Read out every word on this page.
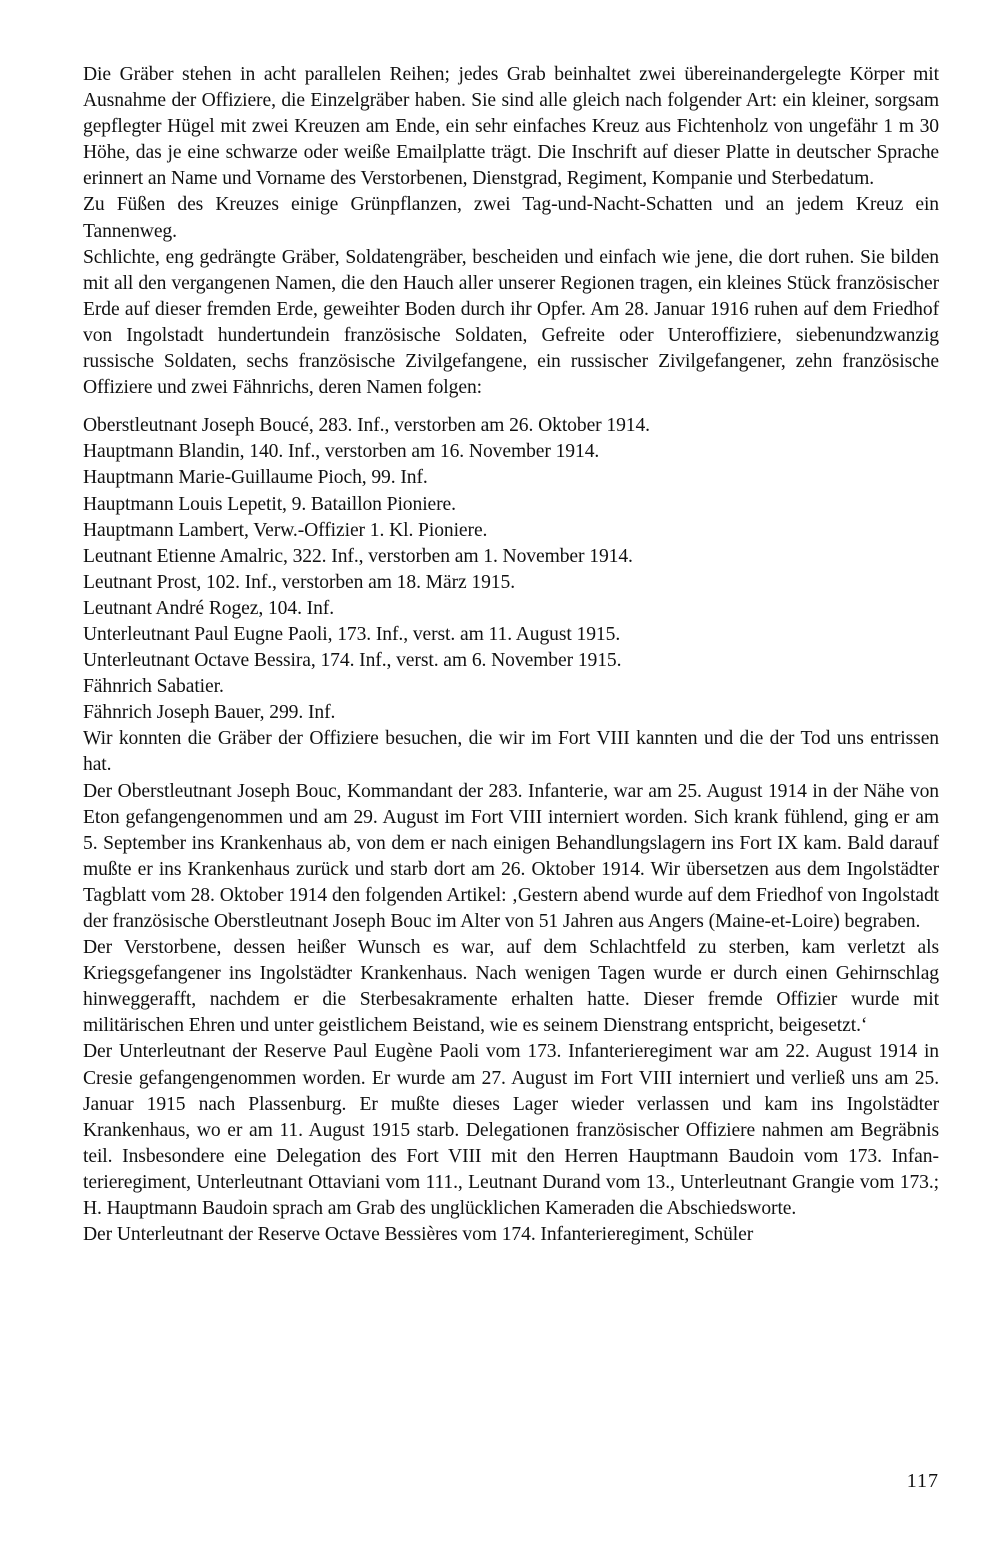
Die Gräber stehen in acht parallelen Reihen; jedes Grab beinhaltet zwei übereinandergelegte Körper mit Ausnahme der Offiziere, die Einzelgräber haben. Sie sind alle gleich nach folgender Art: ein kleiner, sorgsam gepflegter Hügel mit zwei Kreuzen am Ende, ein sehr einfaches Kreuz aus Fichtenholz von ungefähr 1 m 30 Höhe, das je eine schwarze oder weiße Emailplatte trägt. Die Inschrift auf dieser Platte in deutscher Sprache erinnert an Name und Vorname des Verstorbenen, Dienstgrad, Regiment, Kompanie und Sterbedatum.

Zu Füßen des Kreuzes einige Grünpflanzen, zwei Tag-und-Nacht-Schatten und an jedem Kreuz ein Tannenweg.

Schlichte, eng gedrängte Gräber, Soldatengräber, bescheiden und einfach wie jene, die dort ruhen. Sie bilden mit all den vergangenen Namen, die den Hauch aller unserer Regionen tragen, ein kleines Stück französischer Erde auf dieser fremden Erde, geweihter Boden durch ihr Opfer. Am 28. Januar 1916 ruhen auf dem Friedhof von Ingolstadt hundertundein französische Soldaten, Gefreite oder Unteroffiziere, siebenundzwanzig russische Soldaten, sechs französische Zivilgefangene, ein russischer Zivilgefangener, zehn französische Offiziere und zwei Fähnrichs, deren Namen folgen:

Oberstleutnant Joseph Boucé, 283. Inf., verstorben am 26. Oktober 1914.
Hauptmann Blandin, 140. Inf., verstorben am 16. November 1914.
Hauptmann Marie-Guillaume Pioch, 99. Inf.
Hauptmann Louis Lepetit, 9. Bataillon Pioniere.
Hauptmann Lambert, Verw.-Offizier 1. Kl. Pioniere.
Leutnant Etienne Amalric, 322. Inf., verstorben am 1. November 1914.
Leutnant Prost, 102. Inf., verstorben am 18. März 1915.
Leutnant André Rogez, 104. Inf.
Unterleutnant Paul Eugne Paoli, 173. Inf., verst. am 11. August 1915.
Unterleutnant Octave Bessira, 174. Inf., verst. am 6. November 1915.
Fähnrich Sabatier.
Fähnrich Joseph Bauer, 299. Inf.

Wir konnten die Gräber der Offiziere besuchen, die wir im Fort VIII kannten und die der Tod uns entrissen hat.

Der Oberstleutnant Joseph Bouc, Kommandant der 283. Infanterie, war am 25. August 1914 in der Nähe von Eton gefangengenommen und am 29. August im Fort VIII interniert worden. Sich krank fühlend, ging er am 5. September ins Krankenhaus ab, von dem er nach einigen Behandlungslagern ins Fort IX kam. Bald darauf mußte er ins Krankenhaus zurück und starb dort am 26. Oktober 1914. Wir übersetzen aus dem Ingolstädter Tagblatt vom 28. Oktober 1914 den folgenden Artikel: ‚Gestern abend wurde auf dem Friedhof von Ingolstadt der französische Oberstleutnant Joseph Bouc im Alter von 51 Jahren aus Angers (Maine-et-Loire) begraben.

Der Verstorbene, dessen heißer Wunsch es war, auf dem Schlachtfeld zu sterben, kam verletzt als Kriegsgefangener ins Ingolstädter Krankenhaus. Nach wenigen Tagen wurde er durch einen Gehirnschlag hinweggerafft, nachdem er die Sterbesakramente erhalten hatte. Dieser fremde Offizier wurde mit militärischen Ehren und unter geistlichem Beistand, wie es seinem Dienstrang entspricht, beigesetzt.‘

Der Unterleutnant der Reserve Paul Eugène Paoli vom 173. Infanterieregiment war am 22. August 1914 in Cresie gefangengenommen worden. Er wurde am 27. August im Fort VIII interniert und verließ uns am 25. Januar 1915 nach Plassenburg. Er mußte dieses Lager wieder verlassen und kam ins Ingolstädter Krankenhaus, wo er am 11. August 1915 starb. Delegationen französischer Offiziere nahmen am Begräbnis teil. Insbesondere eine Delegation des Fort VIII mit den Herren Hauptmann Baudoin vom 173. Infanterieregiment, Unterleutnant Ottaviani vom 111., Leutnant Durand vom 13., Unterleutnant Grangie vom 173.; H. Hauptmann Baudoin sprach am Grab des unglücklichen Kameraden die Abschiedsworte.

Der Unterleutnant der Reserve Octave Bessières vom 174. Infanterieregiment, Schüler

117
